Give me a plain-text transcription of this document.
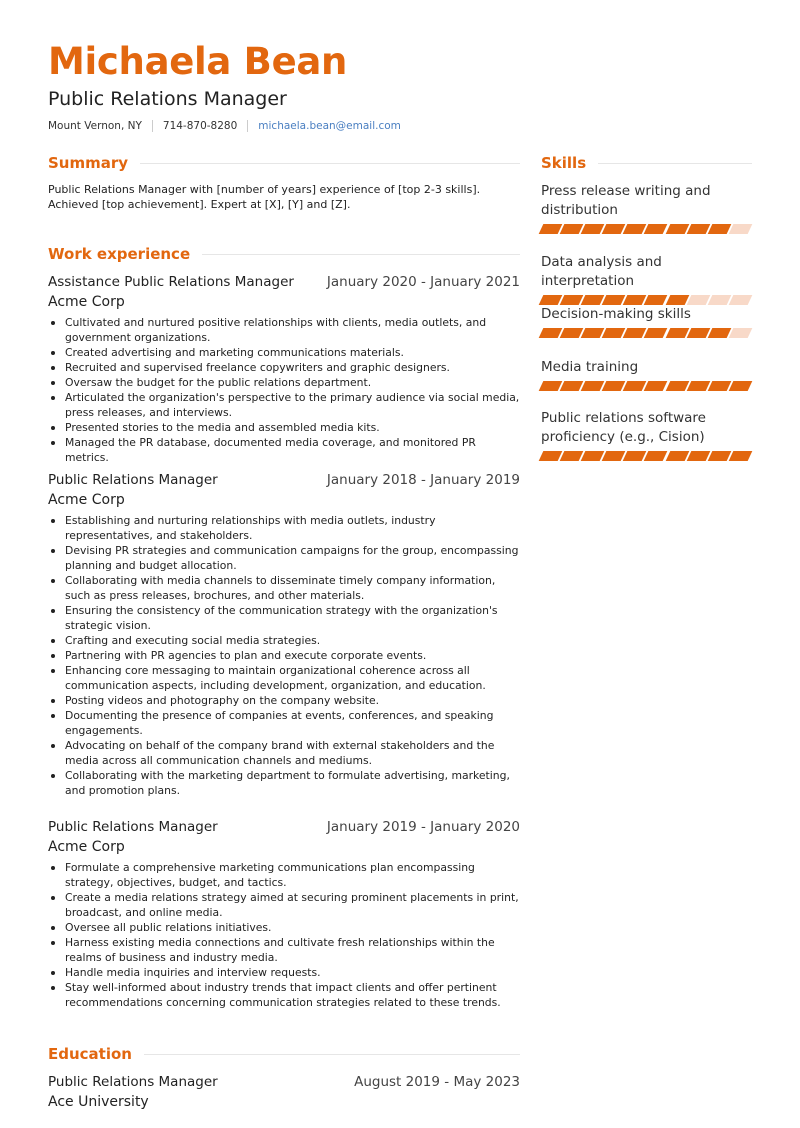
Michaela Bean
Public Relations Manager
Mount Vernon, NY 714-870-8280 michaela.bean@email.com
Summary
Public Relations Manager with [number of years] experience of [top 2-3 skills]. Achieved [top achievement]. Expert at [X], [Y] and [Z].
Work experience
Assistance Public Relations Manager January 2020 - January 2021
Acme Corp
Cultivated and nurtured positive relationships with clients, media outlets, and government organizations.
Created advertising and marketing communications materials.
Recruited and supervised freelance copywriters and graphic designers.
Oversaw the budget for the public relations department.
Articulated the organization's perspective to the primary audience via social media, press releases, and interviews.
Presented stories to the media and assembled media kits.
Managed the PR database, documented media coverage, and monitored PR metrics.
Public Relations Manager	January 2018 - January 2019
Acme Corp
Establishing and nurturing relationships with media outlets, industry representatives, and stakeholders.
Devising PR strategies and communication campaigns for the group, encompassing planning and budget allocation.
Collaborating with media channels to disseminate timely company information, such as press releases, brochures, and other materials.
Ensuring the consistency of the communication strategy with the organization's strategic vision.
Crafting and executing social media strategies.
Partnering with PR agencies to plan and execute corporate events.
Enhancing core messaging to maintain organizational coherence across all communication aspects, including development, organization, and education.
Posting videos and photography on the company website.
Documenting the presence of companies at events, conferences, and speaking engagements.
Advocating on behalf of the company brand with external stakeholders and the media across all communication channels and mediums.
Collaborating with the marketing department to formulate advertising, marketing, and promotion plans.
Public Relations Manager	January 2019 - January 2020
Acme Corp
Formulate a comprehensive marketing communications plan encompassing strategy, objectives, budget, and tactics.
Create a media relations strategy aimed at securing prominent placements in print, broadcast, and online media.
Oversee all public relations initiatives.
Harness existing media connections and cultivate fresh relationships within the realms of business and industry media.
Handle media inquiries and interview requests.
Stay well-informed about industry trends that impact clients and offer pertinent recommendations concerning communication strategies related to these trends.
Education
Public Relations Manager	August 2019 - May 2023
Ace University
Skills
Press release writing and distribution
Data analysis and interpretation
Decision-making skills
Media training
Public relations software proficiency (e.g., Cision)
